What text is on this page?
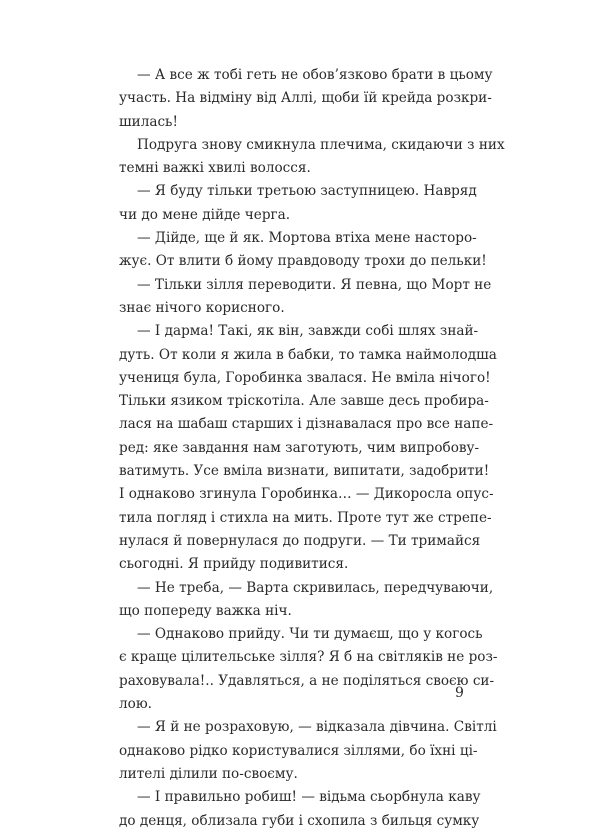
— А все ж тобі геть не обов’язково брати в цьому
участь. На відміну від Аллі, щоби їй крейда розкри-
шилась!
Подруга знову смикнула плечима, скидаючи з них
темні важкі хвилі волосся.
— Я буду тільки третьою заступницею. Навряд
чи до мене дійде черга.
— Дійде, ще й як. Мортова втіха мене насторо-
жує. От влити б йому правдоводу трохи до пельки!
— Тільки зілля переводити. Я певна, що Морт не
знає нічого корисного.
— І дарма! Такі, як він, завжди собі шлях знай-
дуть. От коли я жила в бабки, то тамка наймолодша
учениця була, Горобинка звалася. Не вміла нічого!
Тільки язиком тріскотіла. Але завше десь пробира-
лася на шабаш старших і дізнавалася про все напе-
ред: яке завдання нам заготують, чим випробову-
ватимуть. Усе вміла визнати, випитати, задобрити!
І однаково згинула Горобинка… — Дикоросла опус-
тила погляд і стихла на мить. Проте тут же стрепе-
нулася й повернулася до подруги. — Ти тримайся
сьогодні. Я прийду подивитися.
— Не треба, — Варта скривилась, передчуваючи,
що попереду важка ніч.
— Однаково прийду. Чи ти думаєш, що у когось
є краще цілительське зілля? Я б на світляків не роз-
раховувала!.. Удавляться, а не поділяться своєю си-
лою.
— Я й не розраховую, — відказала дівчина. Світлі
однаково рідко користувалися зіллями, бо їхні ці-
лителі ділили по-своєму.
— І правильно робиш! — відьма сьорбнула каву
до денця, облизала губи і схопила з бильця сумку
9
